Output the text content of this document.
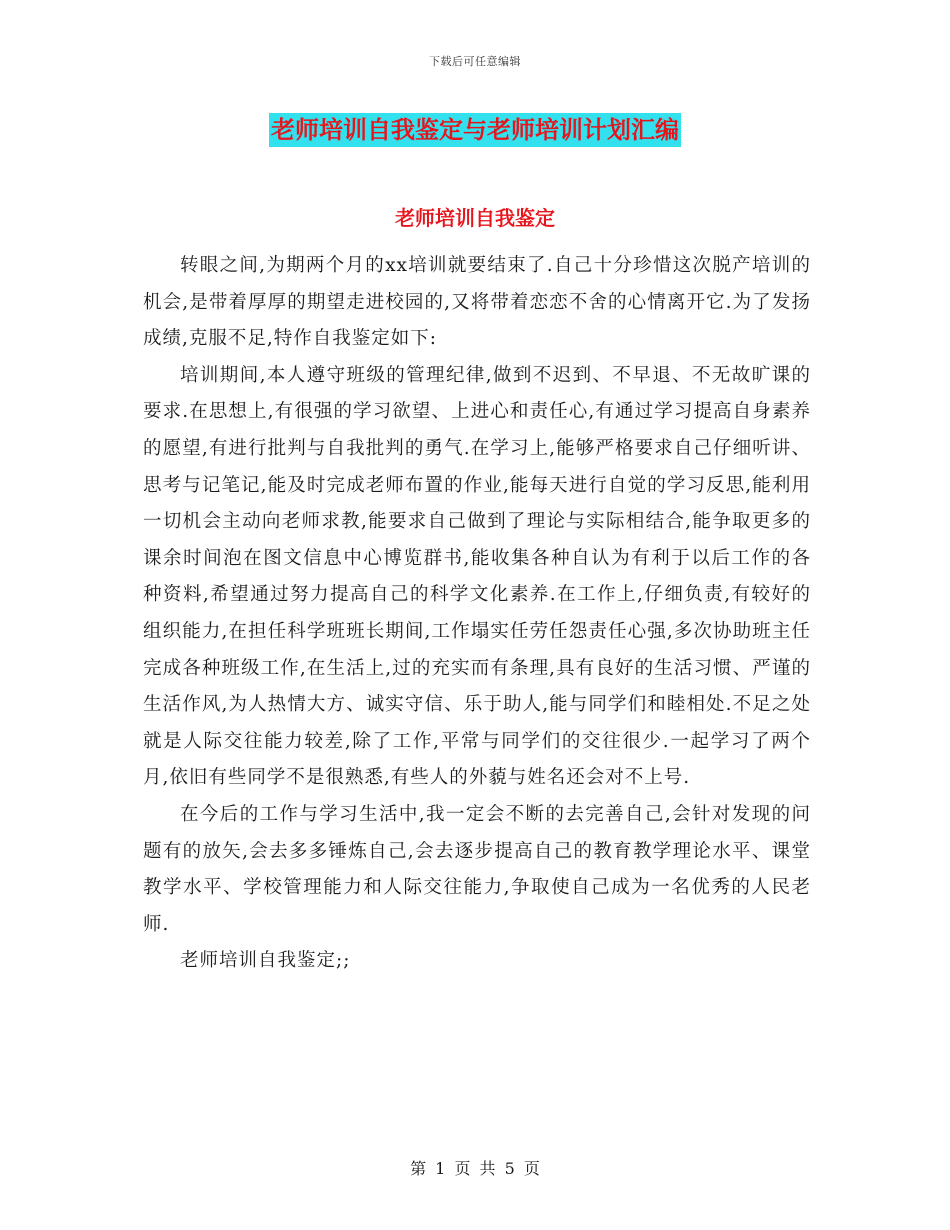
下载后可任意编辑
老师培训自我鉴定与老师培训计划汇编
老师培训自我鉴定

转眼之间,为期两个月的xx培训就要结束了.自己十分珍惜这次脱产培训的机会,是带着厚厚的期望走进校园的,又将带着恋恋不舍的心情离开它.为了发扬成绩,克服不足,特作自我鉴定如下:

培训期间,本人遵守班级的管理纪律,做到不迟到、不早退、不无故旷课的要求.在思想上,有很强的学习欲望、上进心和责任心,有通过学习提高自身素养的愿望,有进行批判与自我批判的勇气.在学习上,能够严格要求自己仔细听讲、思考与记笔记,能及时完成老师布置的作业,能每天进行自觉的学习反思,能利用一切机会主动向老师求教,能要求自己做到了理论与实际相结合,能争取更多的课余时间泡在图文信息中心博览群书,能收集各种自认为有利于以后工作的各种资料,希望通过努力提高自己的科学文化素养.在工作上,仔细负责,有较好的组织能力,在担任科学班班长期间,工作塌实任劳任怨责任心强,多次协助班主任完成各种班级工作,在生活上,过的充实而有条理,具有良好的生活习惯、严谨的生活作风,为人热情大方、诚实守信、乐于助人,能与同学们和睦相处.不足之处就是人际交往能力较差,除了工作,平常与同学们的交往很少.一起学习了两个月,依旧有些同学不是很熟悉,有些人的外藐与姓名还会对不上号.

在今后的工作与学习生活中,我一定会不断的去完善自己,会针对发现的问题有的放矢,会去多多锤炼自己,会去逐步提高自己的教育教学理论水平、课堂教学水平、学校管理能力和人际交往能力,争取使自己成为一名优秀的人民老师.

老师培训自我鉴定;;

第 1 页 共 5 页
